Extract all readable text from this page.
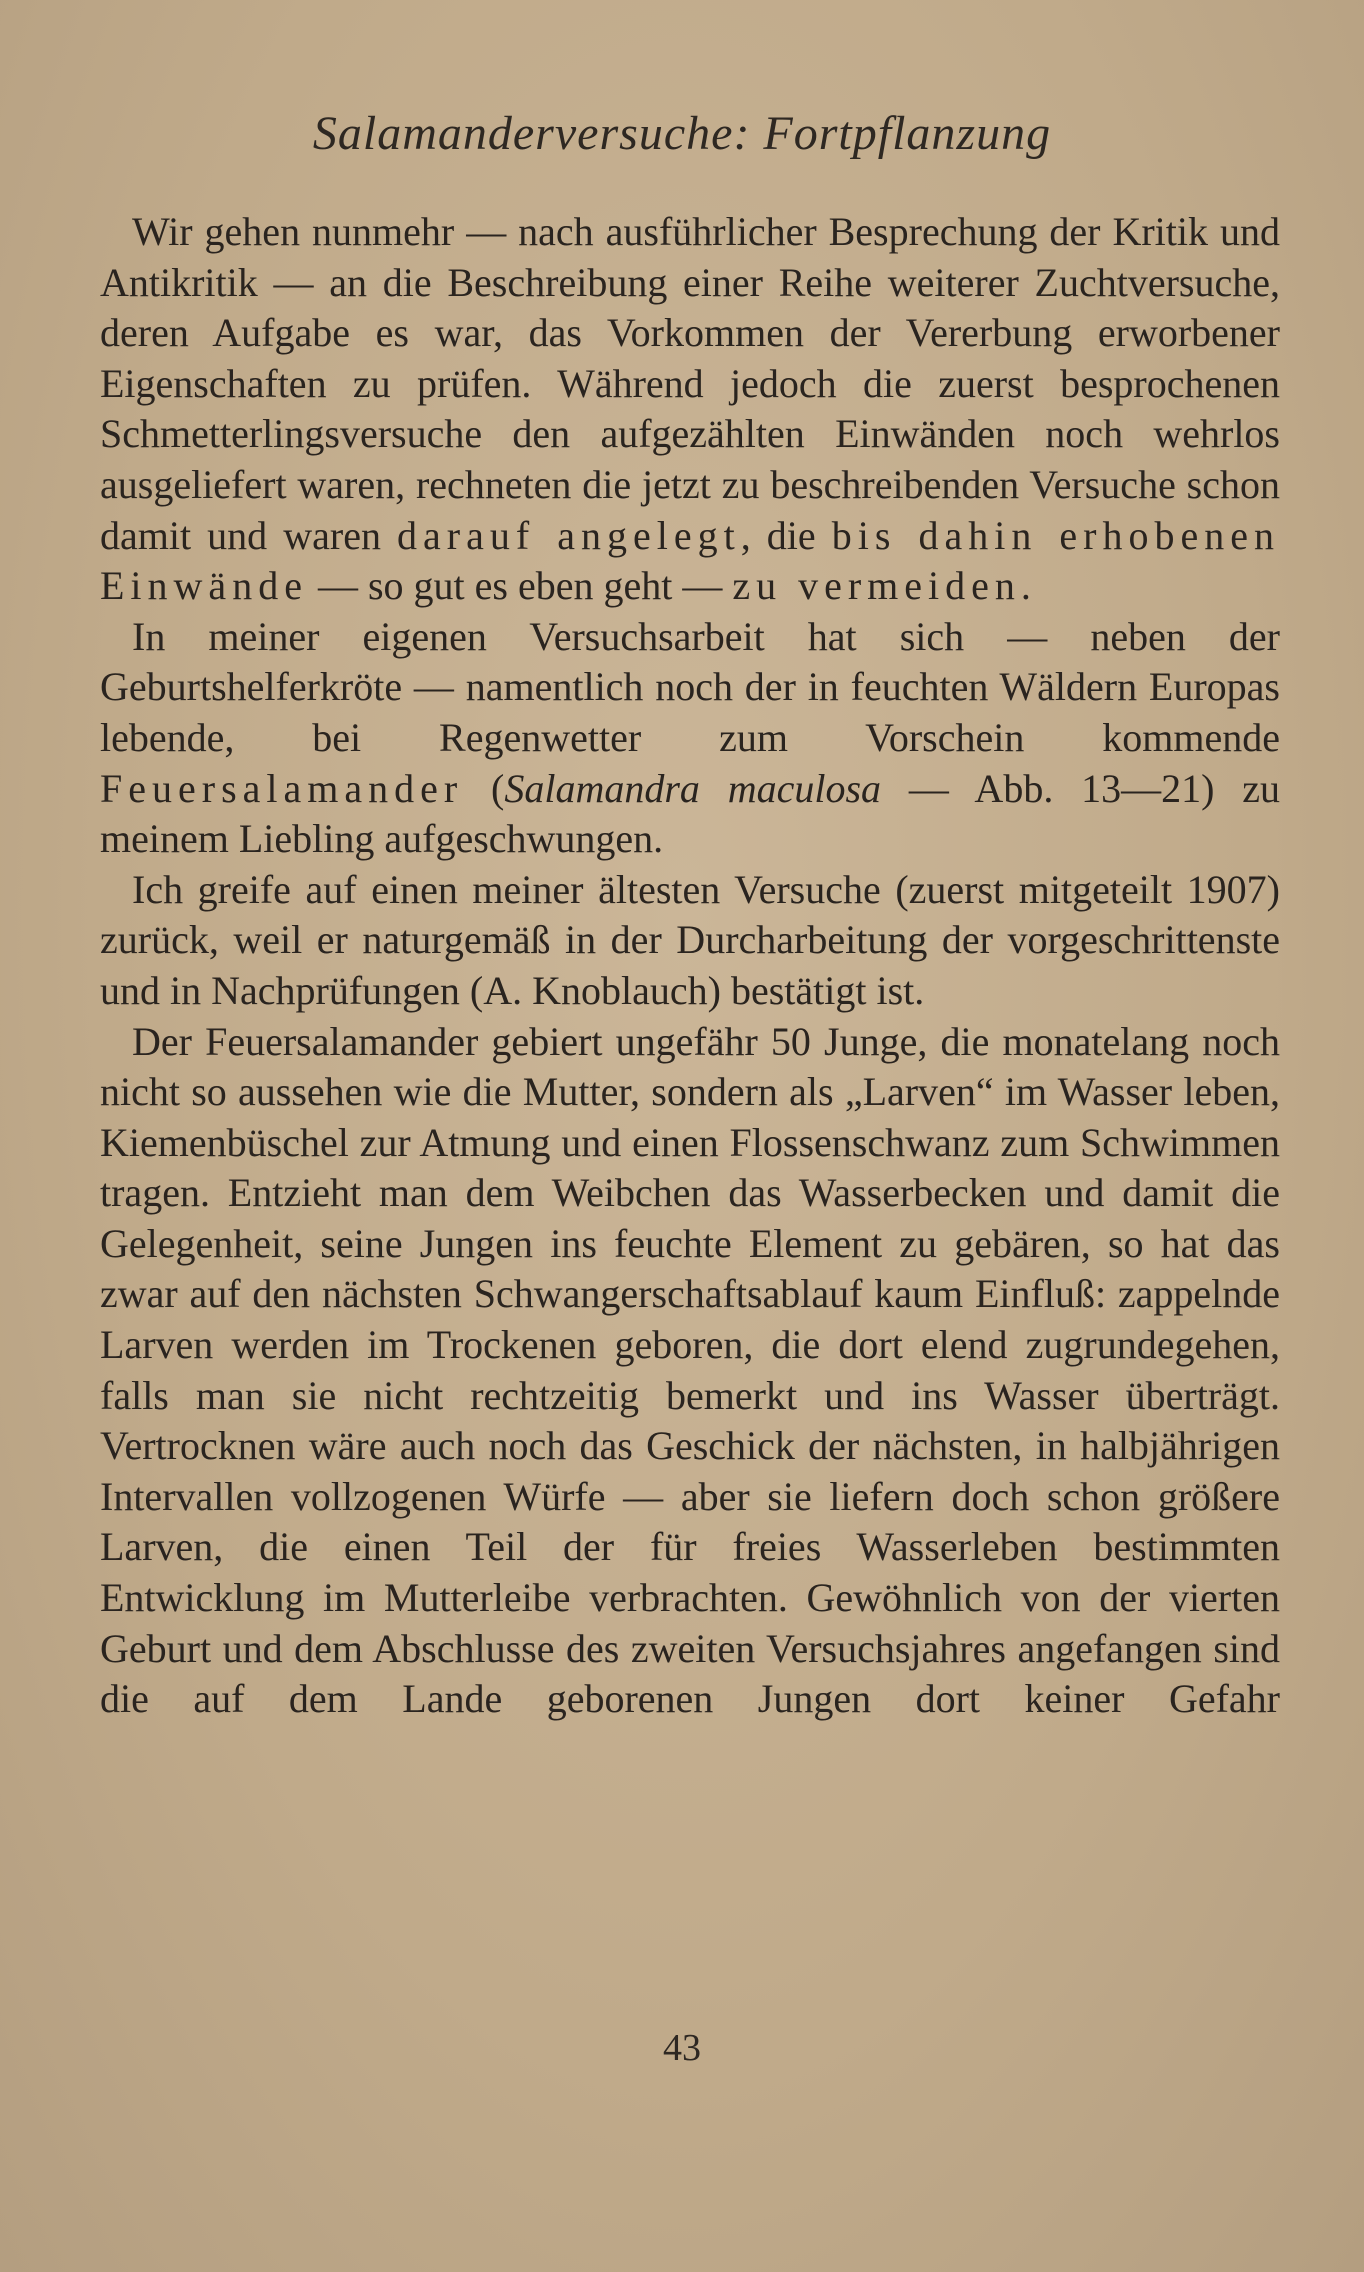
Salamanderversuche: Fortpflanzung

Wir gehen nunmehr — nach ausführlicher Besprechung der Kritik und Antikritik — an die Beschreibung einer Reihe weiterer Zuchtversuche, deren Aufgabe es war, das Vorkommen der Vererbung erworbener Eigenschaften zu prüfen. Während jedoch die zuerst besprochenen Schmetterlingsversuche den aufgezählten Einwänden noch wehrlos ausgeliefert waren, rechneten die jetzt zu beschreibenden Versuche schon damit und waren darauf angelegt, die bis dahin erhobenen Einwände — so gut es eben geht — zu vermeiden.

In meiner eigenen Versuchsarbeit hat sich — neben der Geburtshelferkröte — namentlich noch der in feuchten Wäldern Europas lebende, bei Regenwetter zum Vorschein kommende Feuersalamander (Salamandra maculosa — Abb. 13—21) zu meinem Liebling aufgeschwungen.

Ich greife auf einen meiner ältesten Versuche (zuerst mitgeteilt 1907) zurück, weil er naturgemäß in der Durcharbeitung der vorgeschrittenste und in Nachprüfungen (A. Knoblauch) bestätigt ist.

Der Feuersalamander gebiert ungefähr 50 Junge, die monatelang noch nicht so aussehen wie die Mutter, sondern als „Larven“ im Wasser leben, Kiemenbüschel zur Atmung und einen Flossenschwanz zum Schwimmen tragen. Entzieht man dem Weibchen das Wasserbecken und damit die Gelegenheit, seine Jungen ins feuchte Element zu gebären, so hat das zwar auf den nächsten Schwangerschaftsablauf kaum Einfluß: zappelnde Larven werden im Trockenen geboren, die dort elend zugrundegehen, falls man sie nicht rechtzeitig bemerkt und ins Wasser überträgt. Vertrocknen wäre auch noch das Geschick der nächsten, in halbjährigen Intervallen vollzogenen Würfe — aber sie liefern doch schon größere Larven, die einen Teil der für freies Wasserleben bestimmten Entwicklung im Mutterleibe verbrachten. Gewöhnlich von der vierten Geburt und dem Abschlusse des zweiten Versuchsjahres angefangen sind die auf dem Lande geborenen Jungen dort keiner Gefahr

43
